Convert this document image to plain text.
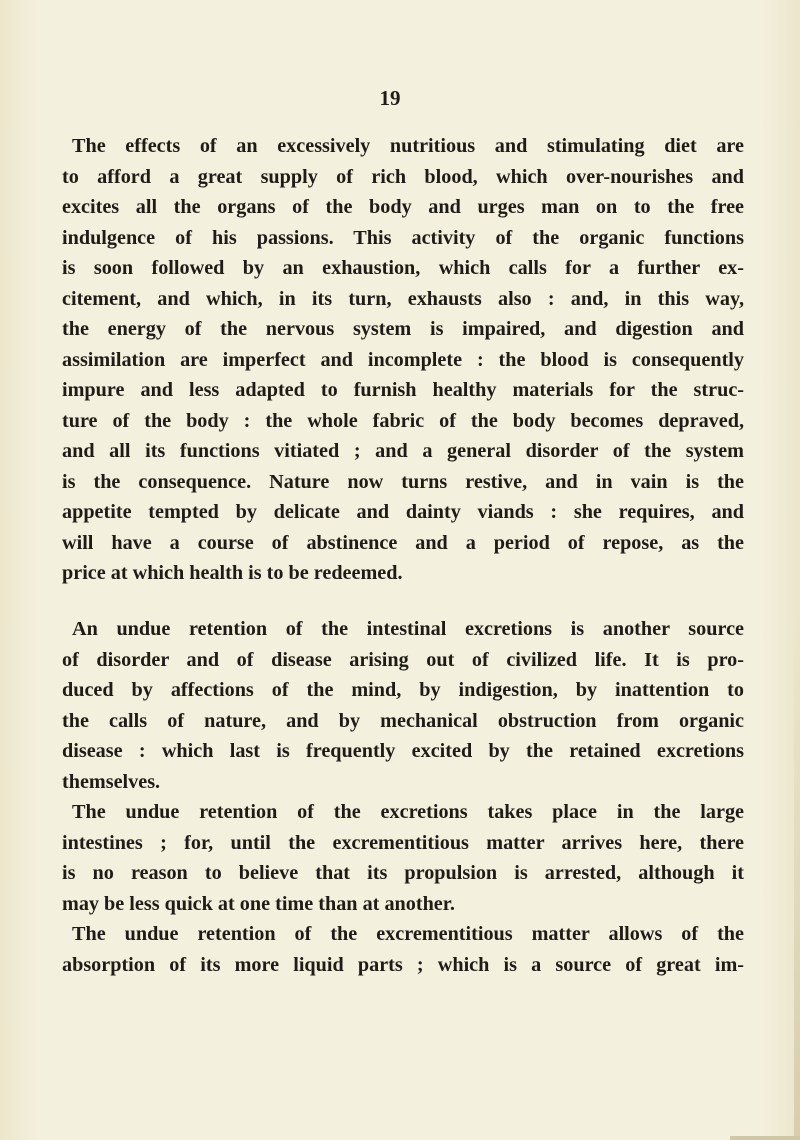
19
The effects of an excessively nutritious and stimulating diet are
to afford a great supply of rich blood, which over-nourishes and
excites all the organs of the body and urges man on to the free
indulgence of his passions. This activity of the organic functions
is soon followed by an exhaustion, which calls for a further ex-
citement, and which, in its turn, exhausts also : and, in this way,
the energy of the nervous system is impaired, and digestion and
assimilation are imperfect and incomplete : the blood is consequently
impure and less adapted to furnish healthy materials for the struc-
ture of the body : the whole fabric of the body becomes depraved,
and all its functions vitiated ; and a general disorder of the system
is the consequence. Nature now turns restive, and in vain is the
appetite tempted by delicate and dainty viands : she requires, and
will have a course of abstinence and a period of repose, as the
price at which health is to be redeemed.
An undue retention of the intestinal excretions is another source
of disorder and of disease arising out of civilized life. It is pro-
duced by affections of the mind, by indigestion, by inattention to
the calls of nature, and by mechanical obstruction from organic
disease : which last is frequently excited by the retained excretions
themselves.
The undue retention of the excretions takes place in the large
intestines ; for, until the excrementitious matter arrives here, there
is no reason to believe that its propulsion is arrested, although it
may be less quick at one time than at another.
The undue retention of the excrementitious matter allows of the
absorption of its more liquid parts ; which is a source of great im-
